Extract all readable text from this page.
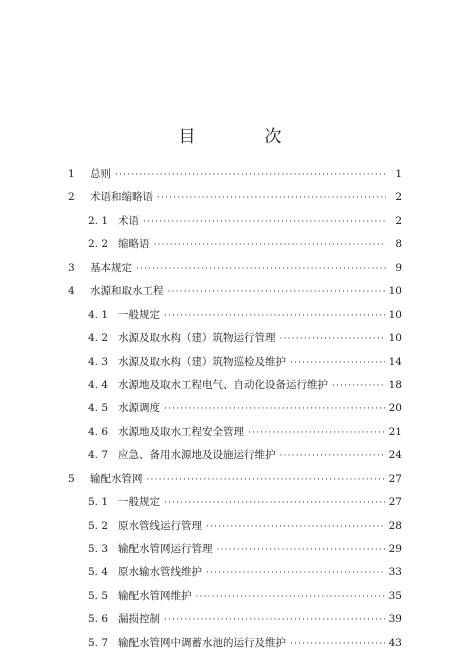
目　次
1	总则 ·····	1
2	术语和缩略语 ·····	2
2. 1 术语 ·····	2
2. 2 缩略语 ·····	8
3	基本规定 ·····	9
4	水源和取水工程 ·····	10
4. 1 一般规定 ·····	10
4. 2 水源及取水构（建）筑物运行管理 ·····	10
4. 3 水源及取水构（建）筑物巡检及维护 ·····	14
4. 4 水源地及取水工程电气、自动化设备运行维护 ·····	18
4. 5 水源调度 ·····	20
4. 6 水源地及取水工程安全管理 ·····	21
4. 7 应急、备用水源地及设施运行维护 ·····	24
5	输配水管网 ·····	27
5. 1 一般规定 ·····	27
5. 2 原水管线运行管理 ·····	28
5. 3 输配水管网运行管理 ·····	29
5. 4 原水输水管线维护 ·····	33
5. 5 输配水管网维护 ·····	35
5. 6 漏损控制 ·····	39
5. 7 输配水管网中调蓄水池的运行及维护 ·····	43
